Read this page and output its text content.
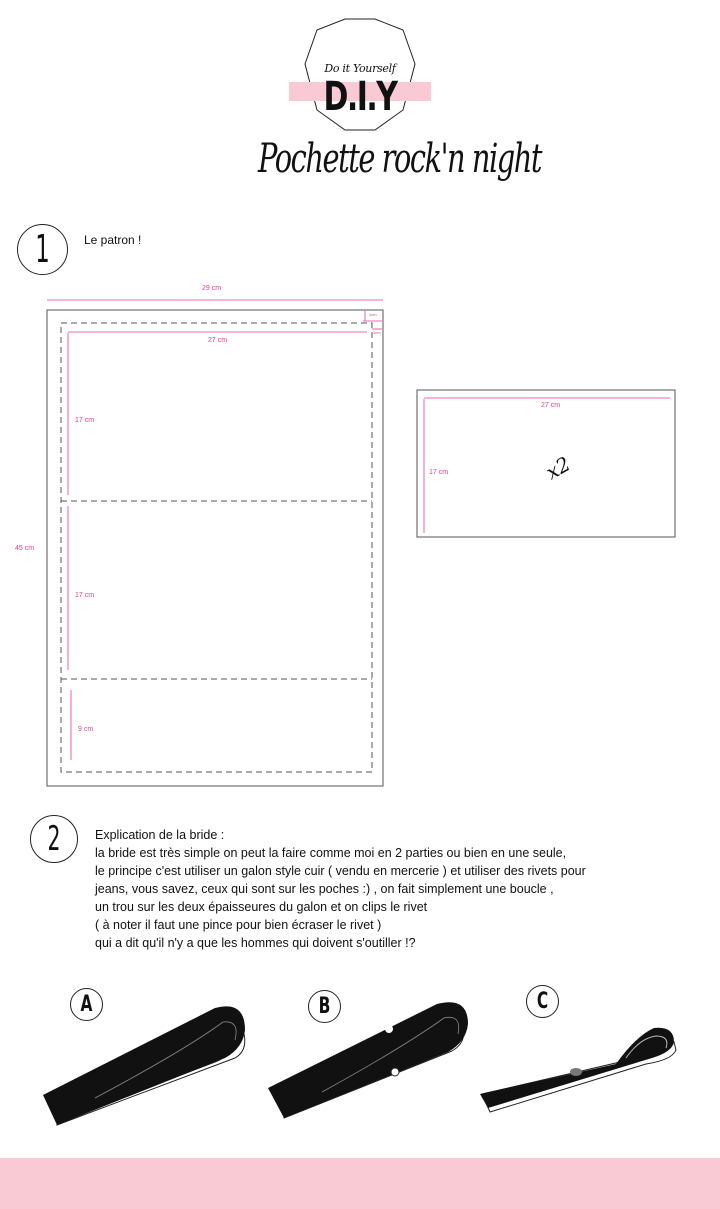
Do it Yourself
D.I.Y
Pochette rock'n night
1	Le patron !
29 cm
45 cm
1cm
1cm
27 cm
17 cm
17 cm
9 cm
27 cm
17 cm	x2
2	Explication de la bride :
la bride est très simple on peut la faire comme moi en 2 parties ou bien en une seule,
le principe c'est utiliser un galon style cuir ( vendu en mercerie ) et utiliser des rivets pour
jeans, vous savez, ceux qui sont sur les poches :) , on fait simplement une boucle ,
un trou sur les deux épaisseures du galon et on clips le rivet
( à noter il faut une pince pour bien écraser le rivet )
qui a dit qu'il n'y a que les hommes qui doivent s'outiller !?
A	B	C
